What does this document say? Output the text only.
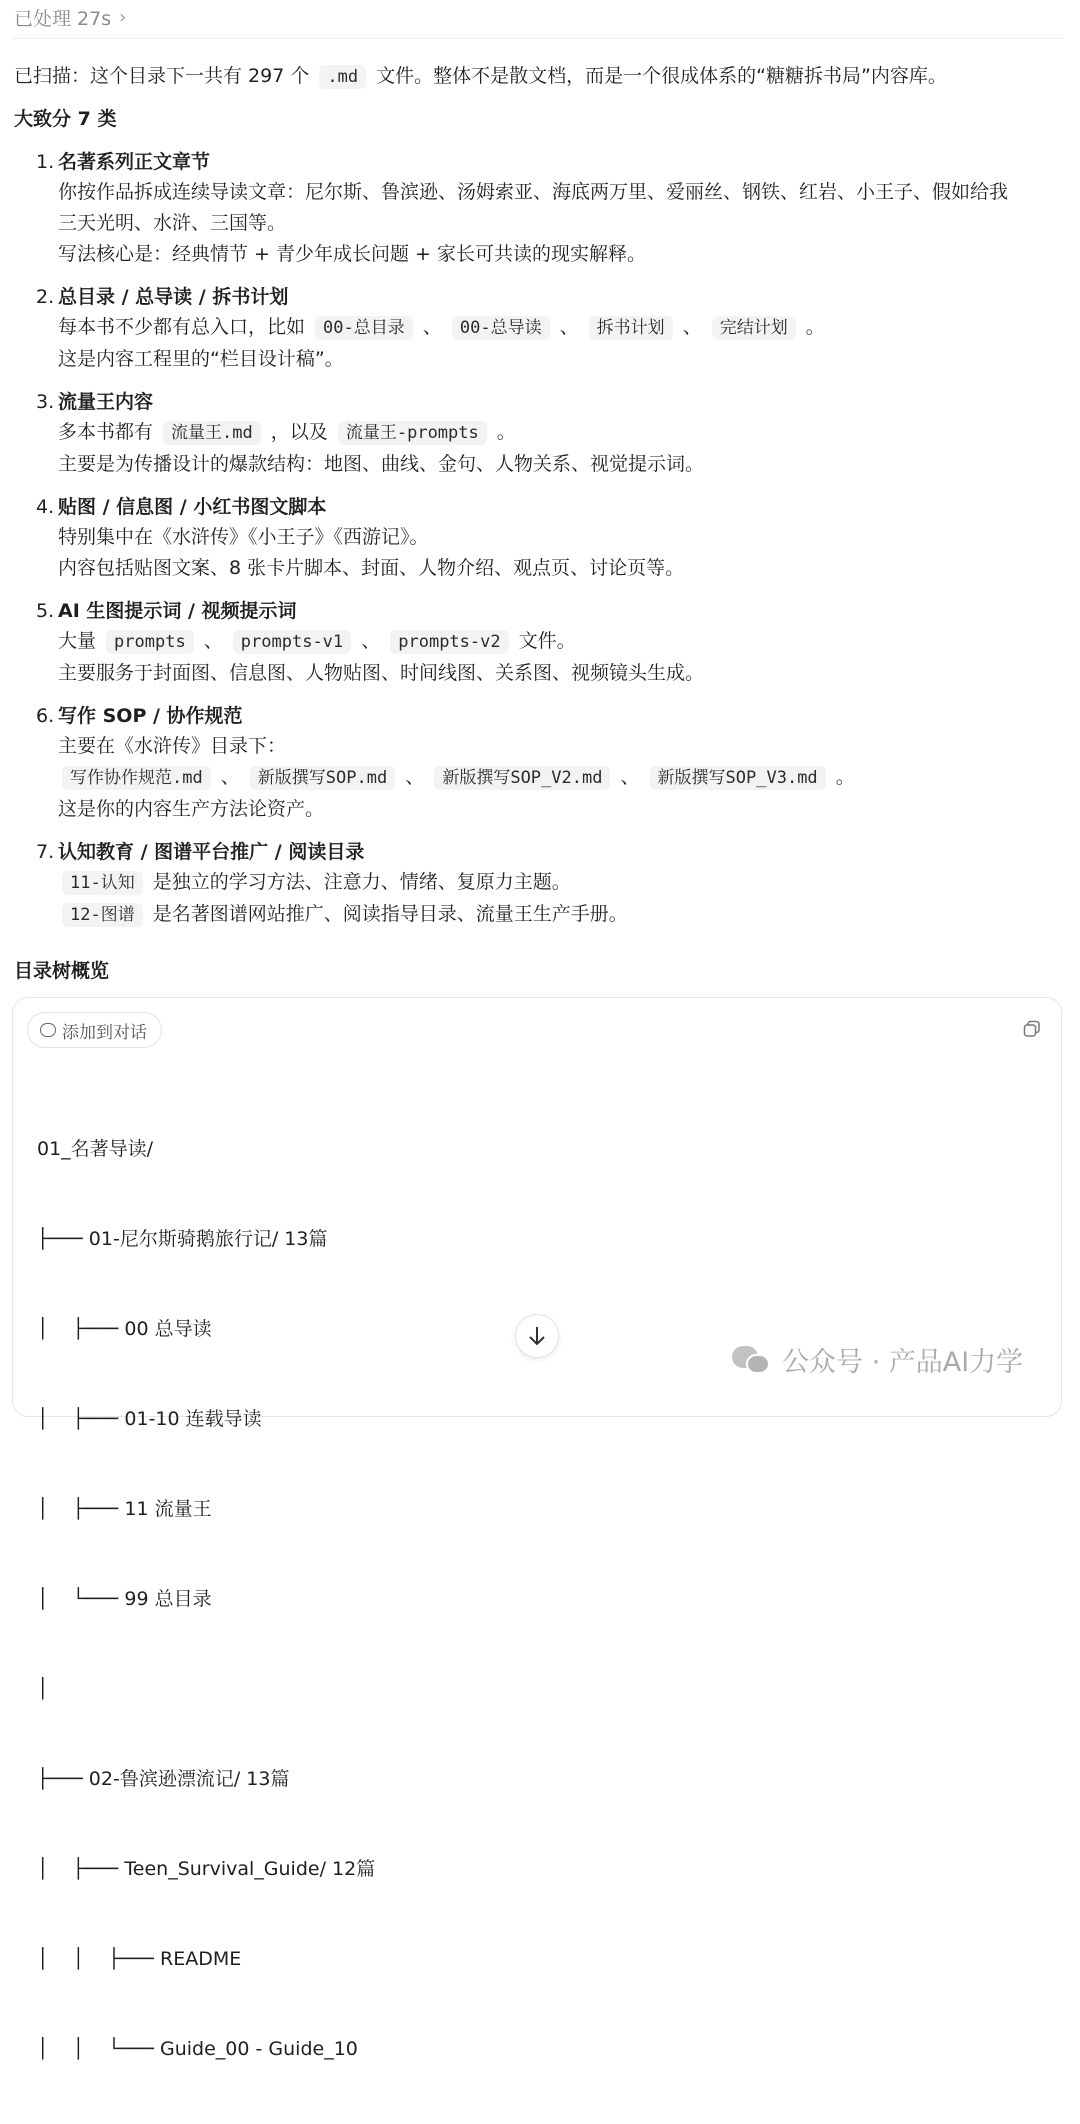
已处理 27s ›
已扫描：这个目录下一共有 297 个 .md 文件。整体不是散文档，而是一个很成体系的“糖糖拆书局”内容库。
大致分 7 类
1. 名著系列正文章节
你按作品拆成连续导读文章：尼尔斯、鲁滨逊、汤姆索亚、海底两万里、爱丽丝、钢铁、红岩、小王子、假如给我
三天光明、水浒、三国等。
写法核心是：经典情节 + 青少年成长问题 + 家长可共读的现实解释。
2. 总目录 / 总导读 / 拆书计划
每本书不少都有总入口，比如 00-总目录 、 00-总导读 、 拆书计划 、 完结计划 。
这是内容工程里的“栏目设计稿”。
3. 流量王内容
多本书都有 流量王.md ，以及 流量王-prompts 。
主要是为传播设计的爆款结构：地图、曲线、金句、人物关系、视觉提示词。
4. 贴图 / 信息图 / 小红书图文脚本
特别集中在《水浒传》《小王子》《西游记》。
内容包括贴图文案、8 张卡片脚本、封面、人物介绍、观点页、讨论页等。
5. AI 生图提示词 / 视频提示词
大量 prompts 、 prompts-v1 、 prompts-v2 文件。
主要服务于封面图、信息图、人物贴图、时间线图、关系图、视频镜头生成。
6. 写作 SOP / 协作规范
主要在《水浒传》目录下：
写作协作规范.md 、 新版撰写SOP.md 、 新版撰写SOP_V2.md 、 新版撰写SOP_V3.md 。
这是你的内容生产方法论资产。
7. 认知教育 / 图谱平台推广 / 阅读目录
11-认知 是独立的学习方法、注意力、情绪、复原力主题。
12-图谱 是名著图谱网站推广、阅读指导目录、流量王生产手册。
目录树概览
添加到对话

01_名著导读/

├─── 01-尼尔斯骑鹅旅行记/ 13篇

│    ├─── 00 总导读

│    ├─── 01-10 连载导读

│    ├─── 11 流量王

│    └─── 99 总目录

│

├─── 02-鲁滨逊漂流记/ 13篇

│    ├─── Teen_Survival_Guide/ 12篇

│    │    ├─── README

│    │    └─── Guide_00 - Guide_10

公众号 · 产品AI力学
